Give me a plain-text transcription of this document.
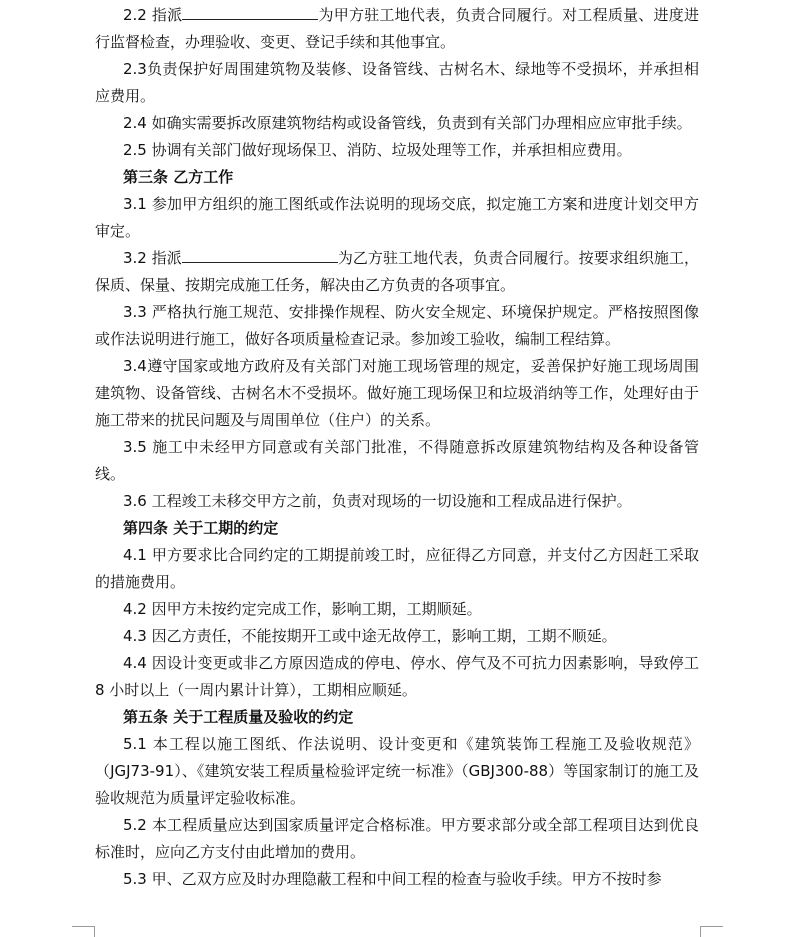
2.2 指派	为甲方驻工地代表，负责合同履行。对工程质量、进度进行监督检查，办理验收、变更、登记手续和其他事宜。

2.3负责保护好周围建筑物及装修、设备管线、古树名木、绿地等不受损坏，并承担相应费用。

2.4 如确实需要拆改原建筑物结构或设备管线，负责到有关部门办理相应应审批手续。

2.5 协调有关部门做好现场保卫、消防、垃圾处理等工作，并承担相应费用。

第三条 乙方工作

3.1 参加甲方组织的施工图纸或作法说明的现场交底，拟定施工方案和进度计划交甲方审定。

3.2 指派	为乙方驻工地代表，负责合同履行。按要求组织施工，保质、保量、按期完成施工任务，解决由乙方负责的各项事宜。

3.3 严格执行施工规范、安排操作规程、防火安全规定、环境保护规定。严格按照图像或作法说明进行施工，做好各项质量检查记录。参加竣工验收，编制工程结算。

3.4遵守国家或地方政府及有关部门对施工现场管理的规定，妥善保护好施工现场周围建筑物、设备管线、古树名木不受损坏。做好施工现场保卫和垃圾消纳等工作，处理好由于施工带来的扰民问题及与周围单位（住户）的关系。

3.5 施工中未经甲方同意或有关部门批准，不得随意拆改原建筑物结构及各种设备管线。

3.6 工程竣工未移交甲方之前，负责对现场的一切设施和工程成品进行保护。

第四条 关于工期的约定

4.1 甲方要求比合同约定的工期提前竣工时，应征得乙方同意，并支付乙方因赶工采取的措施费用。

4.2 因甲方未按约定完成工作，影响工期，工期顺延。

4.3 因乙方责任，不能按期开工或中途无故停工，影响工期，工期不顺延。

4.4 因设计变更或非乙方原因造成的停电、停水、停气及不可抗力因素影响，导致停工 8 小时以上（一周内累计计算），工期相应顺延。

第五条 关于工程质量及验收的约定

5.1 本工程以施工图纸、作法说明、设计变更和《建筑装饰工程施工及验收规范》（JGJ73-91）、《建筑安装工程质量检验评定统一标准》（GBJ300-88）等国家制订的施工及验收规范为质量评定验收标准。

5.2 本工程质量应达到国家质量评定合格标准。甲方要求部分或全部工程项目达到优良标准时，应向乙方支付由此增加的费用。

5.3 甲、乙双方应及时办理隐蔽工程和中间工程的检查与验收手续。甲方不按时参
